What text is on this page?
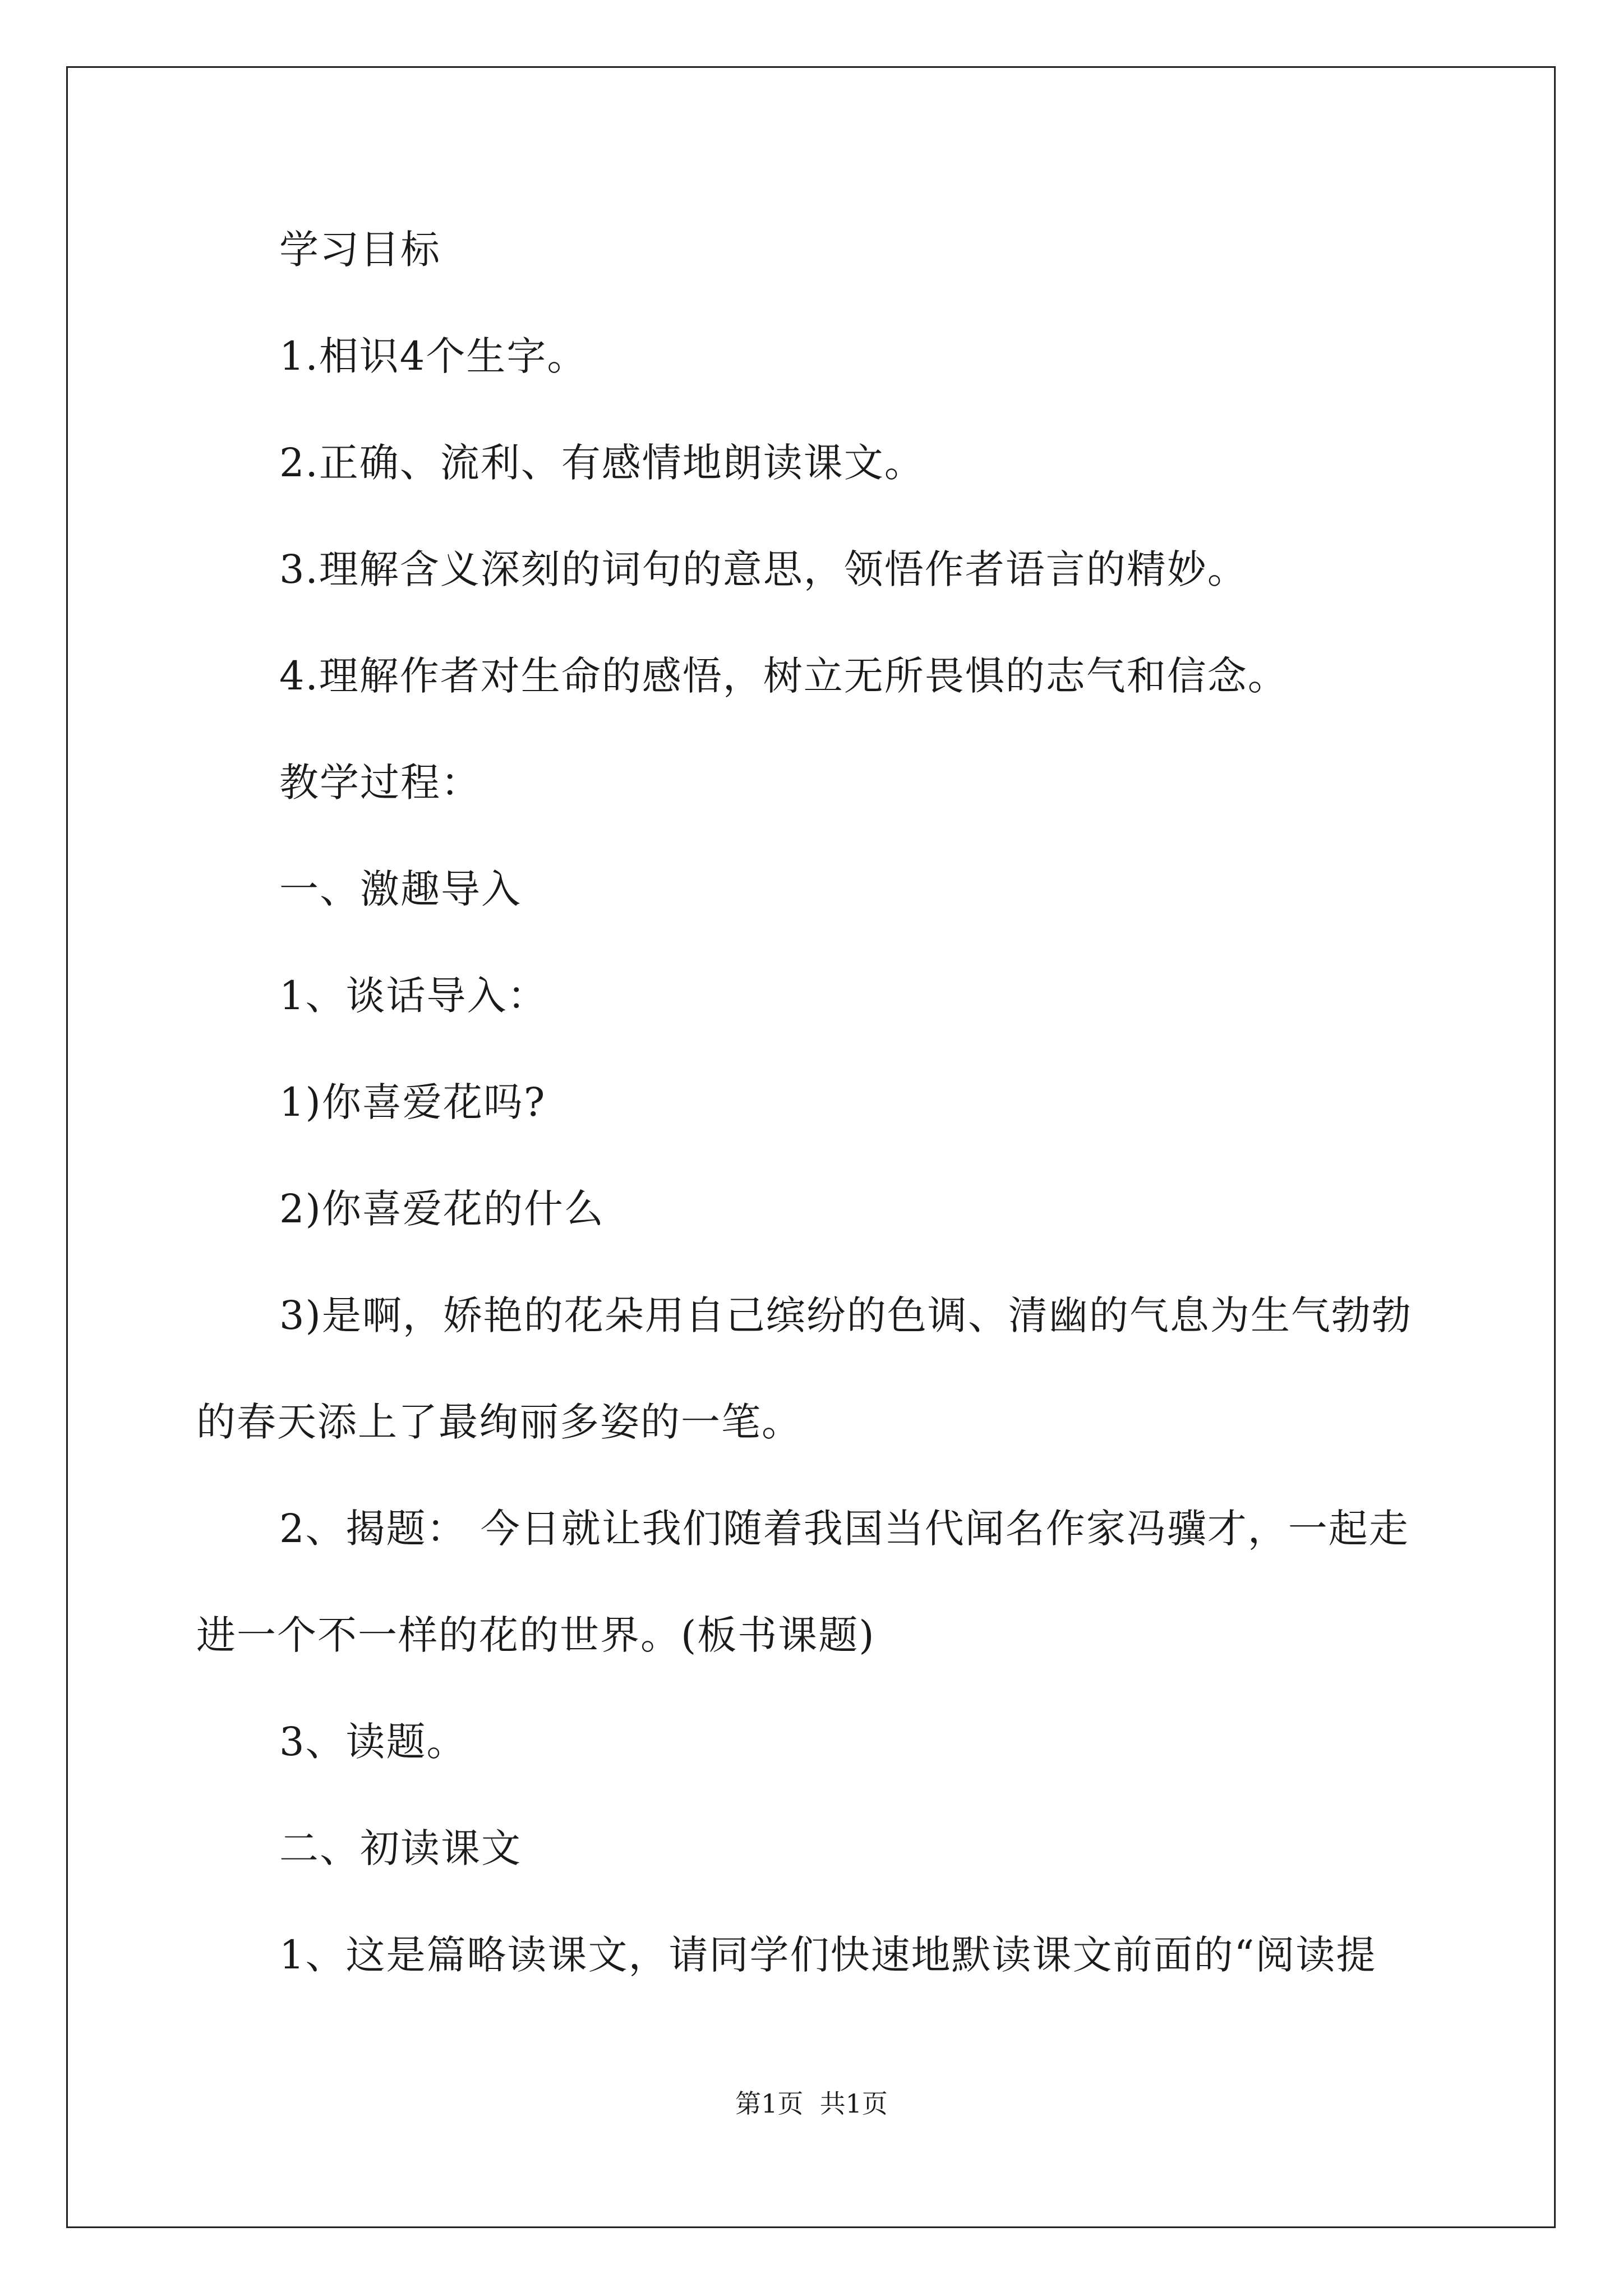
学习目标
1.相识4个生字。
2.正确、流利、有感情地朗读课文。
3.理解含义深刻的词句的意思，领悟作者语言的精妙。
4.理解作者对生命的感悟，树立无所畏惧的志气和信念。
教学过程：
一、激趣导入
1、谈话导入：
1)你喜爱花吗?
2)你喜爱花的什么
3)是啊，娇艳的花朵用自己缤纷的色调、清幽的气息为生气勃勃
的春天添上了最绚丽多姿的一笔。
2、揭题： 今日就让我们随着我国当代闻名作家冯骥才，一起走
进一个不一样的花的世界。(板书课题)
3、读题。
二、初读课文
1、这是篇略读课文，请同学们快速地默读课文前面的“阅读提
第1页  共1页
